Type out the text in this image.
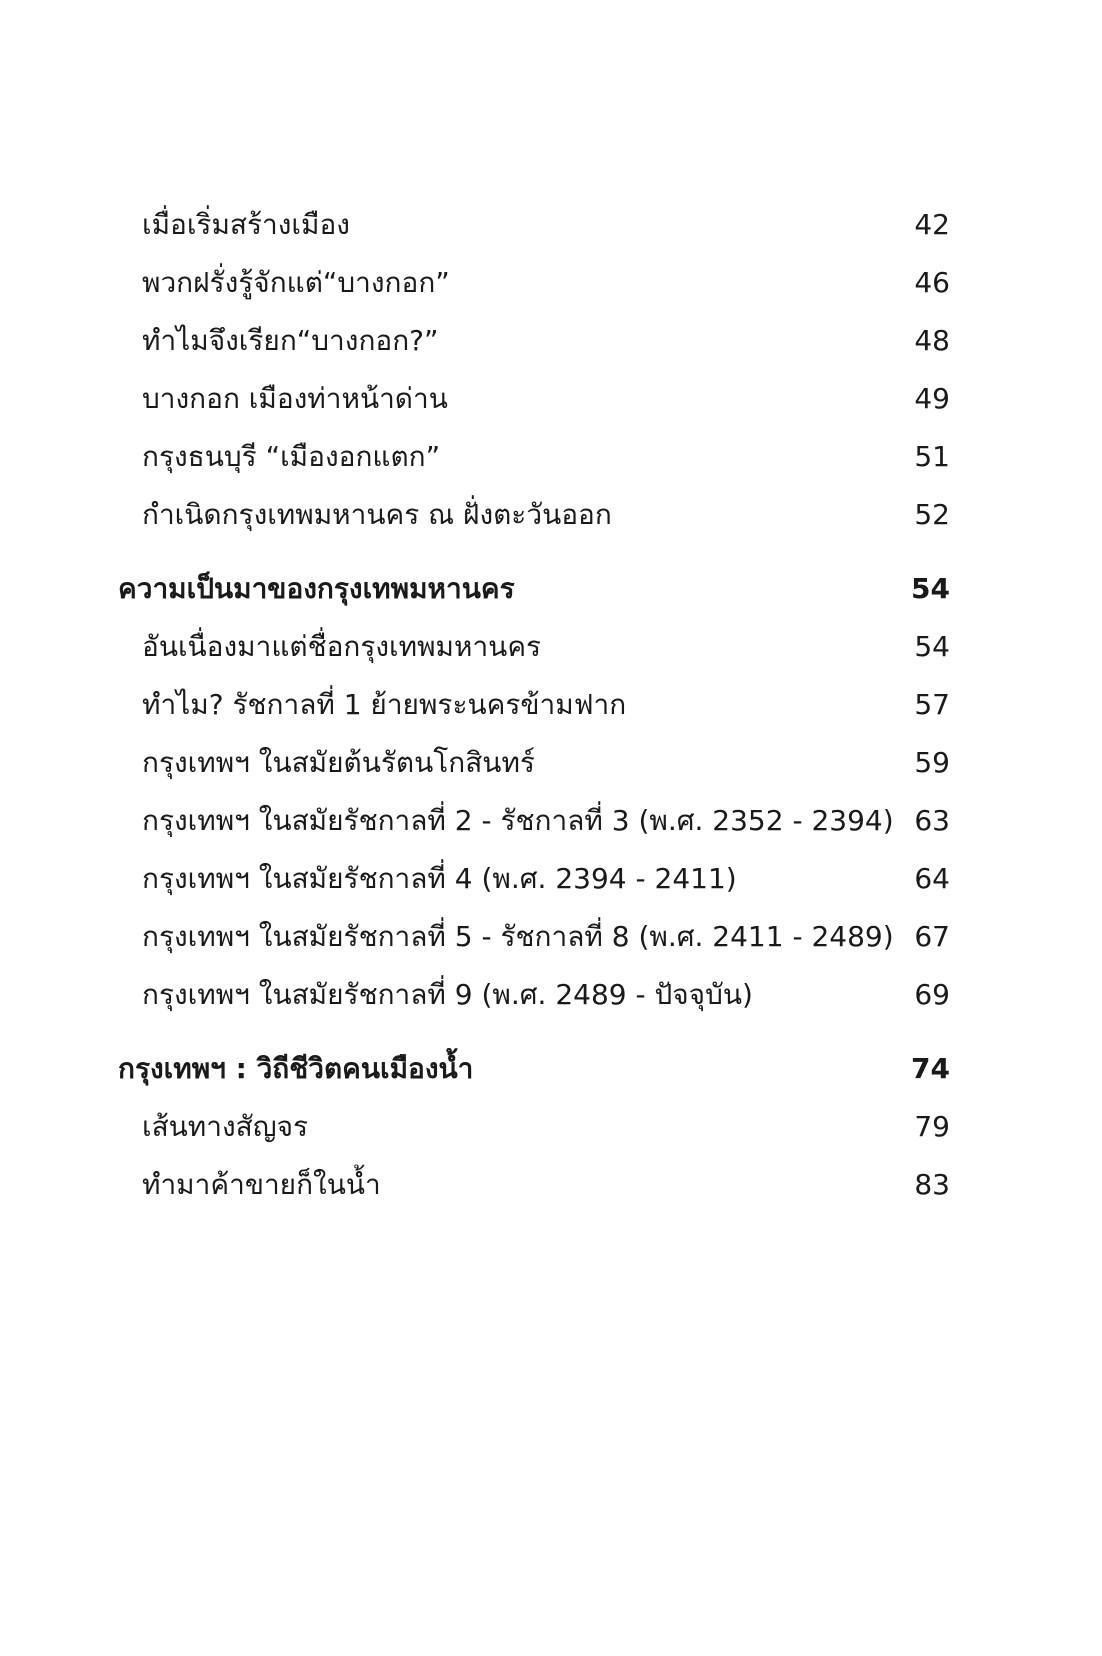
เมื่อเริ่มสร้างเมือง	42
พวกฝรั่งรู้จักแต่“บางกอก”	46
ทำไมจึงเรียก“บางกอก?”	48
บางกอก เมืองท่าหน้าด่าน	49
กรุงธนบุรี “เมืองอกแตก”	51
กำเนิดกรุงเทพมหานคร ณ ฝั่งตะวันออก	52
ความเป็นมาของกรุงเทพมหานคร	54
อันเนื่องมาแต่ชื่อกรุงเทพมหานคร	54
ทำไม? รัชกาลที่ 1 ย้ายพระนครข้ามฟาก	57
กรุงเทพฯ ในสมัยต้นรัตนโกสินทร์	59
กรุงเทพฯ ในสมัยรัชกาลที่ 2 - รัชกาลที่ 3 (พ.ศ. 2352 - 2394) 63
กรุงเทพฯ ในสมัยรัชกาลที่ 4 (พ.ศ. 2394 - 2411)	64
กรุงเทพฯ ในสมัยรัชกาลที่ 5 - รัชกาลที่ 8 (พ.ศ. 2411 - 2489) 67
กรุงเทพฯ ในสมัยรัชกาลที่ 9 (พ.ศ. 2489 - ปัจจุบัน)	69
กรุงเทพฯ : วิถีชีวิตคนเมืองน้ำ	74
เส้นทางสัญจร	79
ทำมาค้าขายก็ในน้ำ	83
